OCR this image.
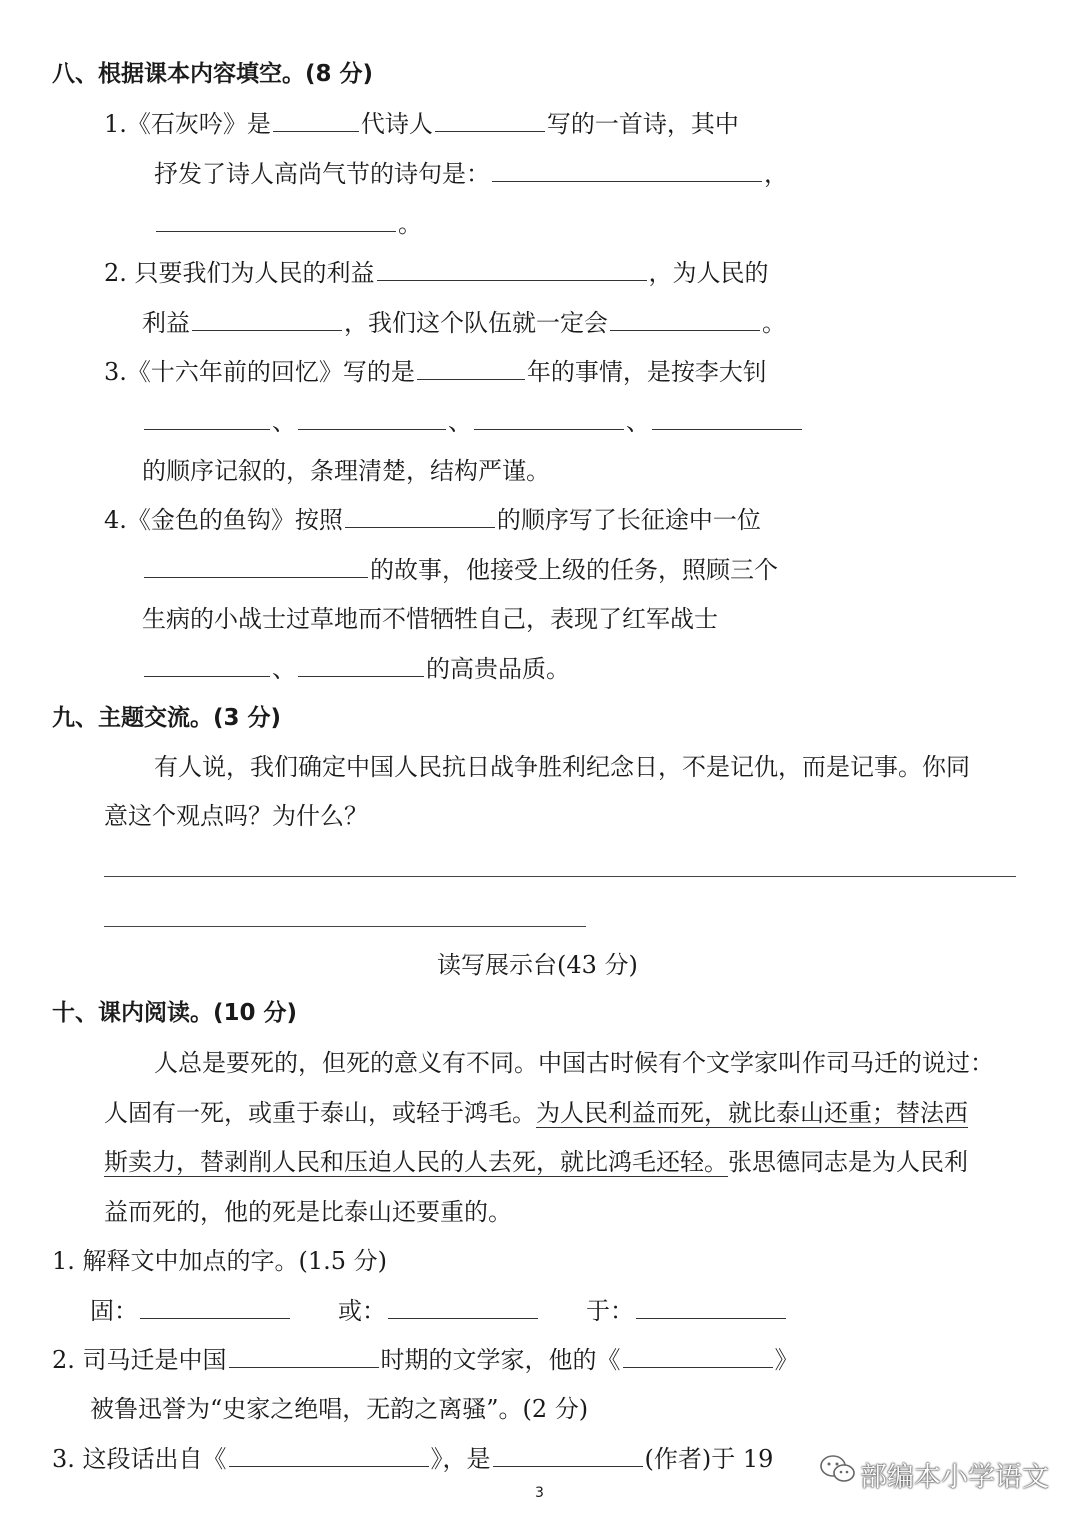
八、根据课本内容填空。(8 分)
1.《石灰吟》是	代诗人	写的一首诗，其中
抒发了诗人高尚气节的诗句是：	，
。
2. 只要我们为人民的利益	，为人民的
利益	，我们这个队伍就一定会	。
3.《十六年前的回忆》写的是	年的事情，是按李大钊
、	、	、
的顺序记叙的，条理清楚，结构严谨。
4.《金色的鱼钩》按照	的顺序写了长征途中一位
的故事，他接受上级的任务，照顾三个
生病的小战士过草地而不惜牺牲自己，表现了红军战士
、	的高贵品质。
九、主题交流。(3 分)
有人说，我们确定中国人民抗日战争胜利纪念日，不是记仇，而是记事。你同
意这个观点吗？为什么？
读写展示台(43 分)
十、课内阅读。(10 分)
人总是要死的，但死的意义有不同。中国古时候有个文学家叫作司马迁的说过：
人固有一死，或重于泰山，或轻于鸿毛。为人民利益而死，就比泰山还重；替法西
斯卖力，替剥削人民和压迫人民的人去死，就比鸿毛还轻。张思德同志是为人民利
益而死的，他的死是比泰山还要重的。
1. 解释文中加点的字。(1.5 分)
固：	或：	于：
2. 司马迁是中国	时期的文学家，他的《	》
被鲁迅誉为“史家之绝唱，无韵之离骚”。(2 分)
3. 这段话出自《	》，是	(作者)于 19
部编本小学语文
3
